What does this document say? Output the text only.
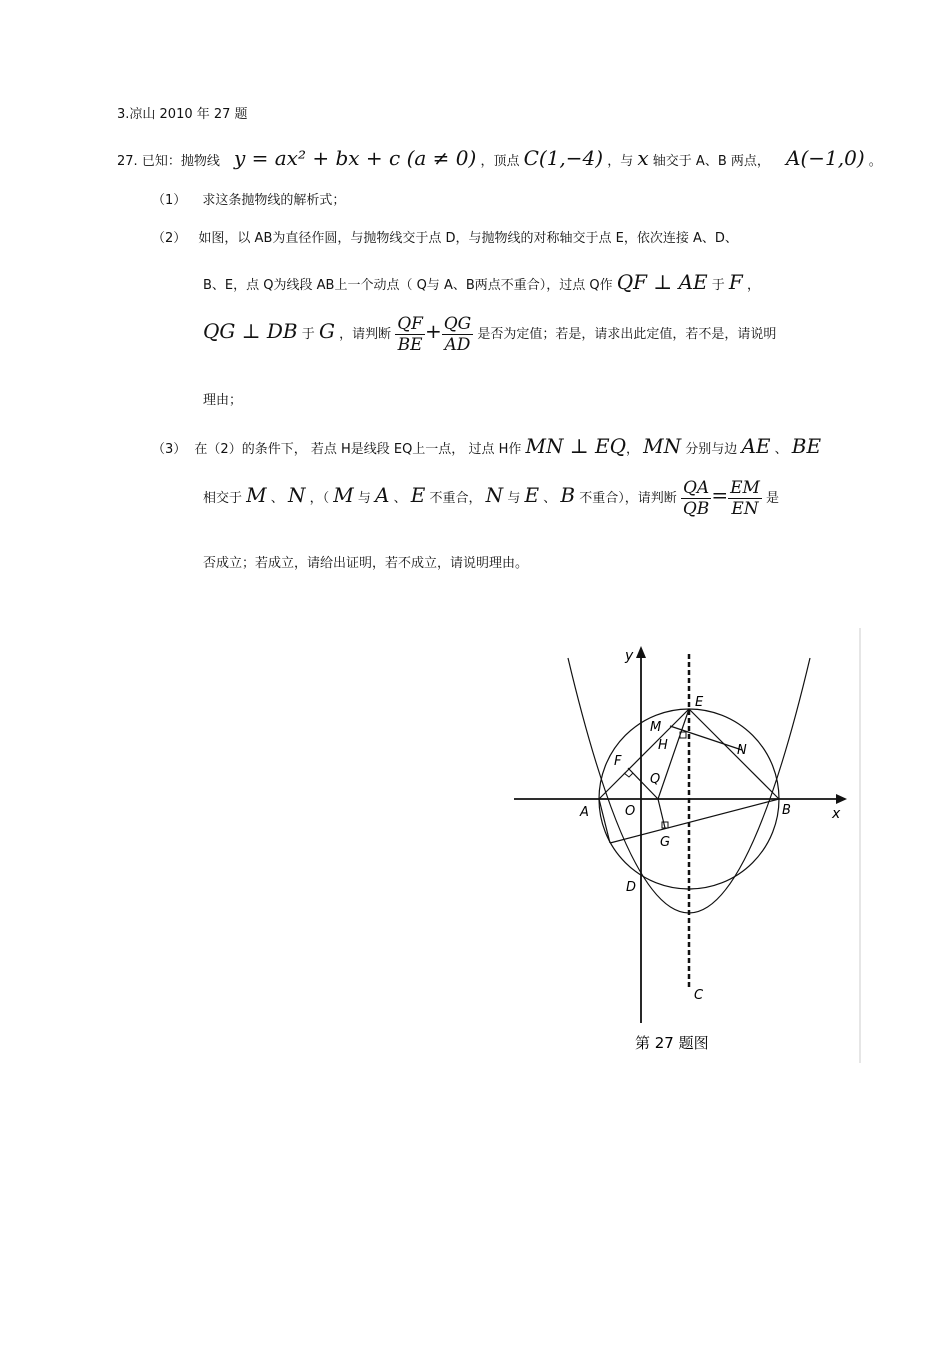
3.凉山 2010 年 27 题
27. 已知：抛物线 y = ax² + bx + c (a ≠ 0) ，顶点 C(1,−4) ，与 x 轴交于 A、B 两点， A(−1,0) 。
（1） 求这条抛物线的解析式；
（2） 如图，以 AB为直径作圆，与抛物线交于点 D，与抛物线的对称轴交于点 E，依次连接 A、D、
B、E，点 Q为线段 AB上一个动点（ Q与 A、B两点不重合），过点 Q作 QF ⊥ AE 于 F ，
QG ⊥ DB 于 G ，请判断 $\frac{QF}{BE} + \frac{QG}{AD}$ 是否为定值；若是，请求出此定值，若不是，请说明
理由；
（3） 在（2）的条件下， 若点 H是线段 EQ上一点， 过点 H作 MN ⊥ EQ， MN 分别与边 AE 、 BE
相交于 M 、 N ，（ M 与 A 、 E 不重合， N 与 E 、 B 不重合），请判断 $\frac{QA}{QB} = \frac{EM}{EN}$ 是
否成立；若成立，请给出证明，若不成立，请说明理由。
y
x
A	B
C
D
E
F
G
H
M
N
O
Q
第 27 题图
